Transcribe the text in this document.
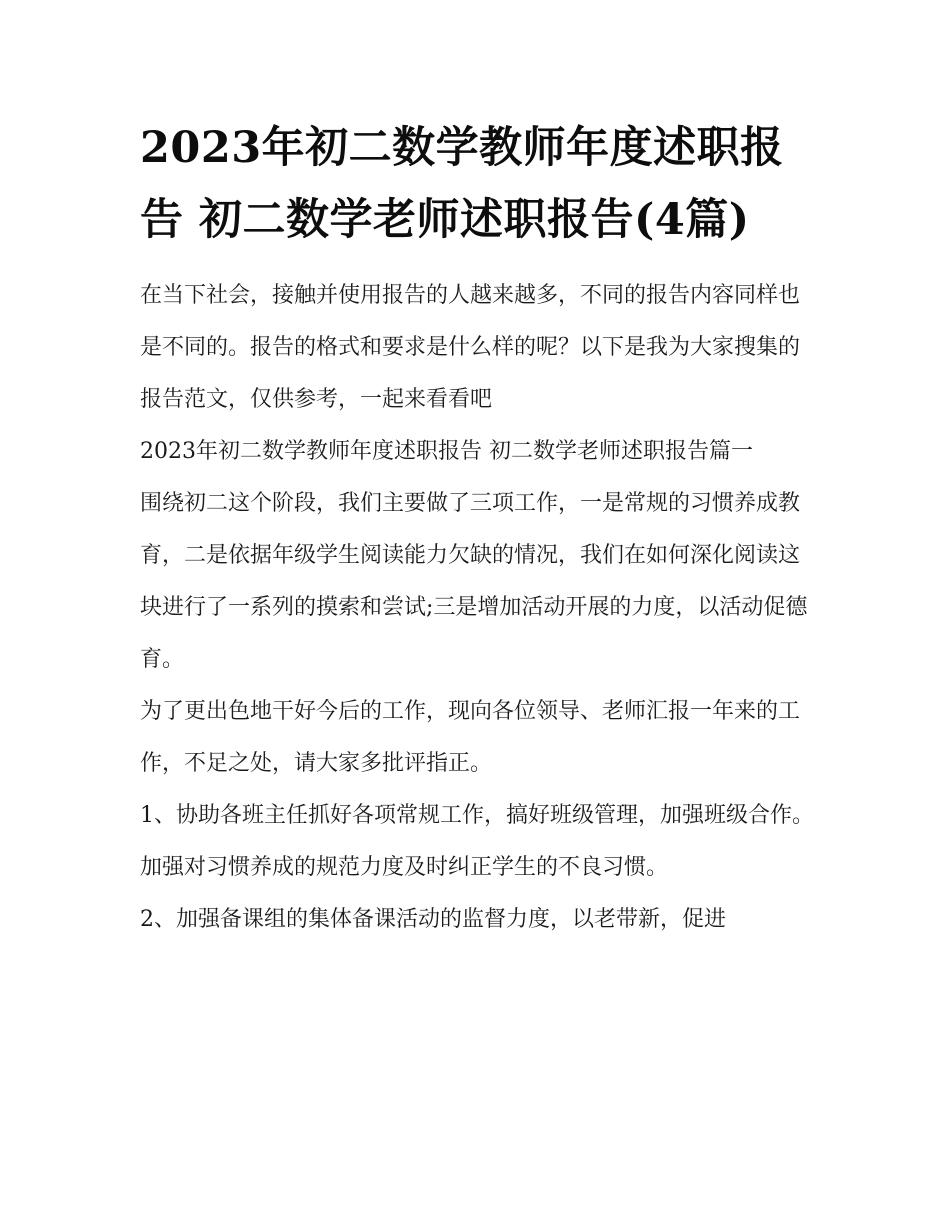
2023年初二数学教师年度述职报告 初二数学老师述职报告(4篇)

在当下社会，接触并使用报告的人越来越多，不同的报告内容同样也是不同的。报告的格式和要求是什么样的呢？以下是我为大家搜集的报告范文，仅供参考，一起来看看吧

2023年初二数学教师年度述职报告 初二数学老师述职报告篇一

围绕初二这个阶段，我们主要做了三项工作，一是常规的习惯养成教育，二是依据年级学生阅读能力欠缺的情况，我们在如何深化阅读这块进行了一系列的摸索和尝试;三是增加活动开展的力度，以活动促德育。

为了更出色地干好今后的工作，现向各位领导、老师汇报一年来的工作，不足之处，请大家多批评指正。

1、协助各班主任抓好各项常规工作，搞好班级管理，加强班级合作。加强对习惯养成的规范力度及时纠正学生的不良习惯。

2、加强备课组的集体备课活动的监督力度，以老带新，促进
